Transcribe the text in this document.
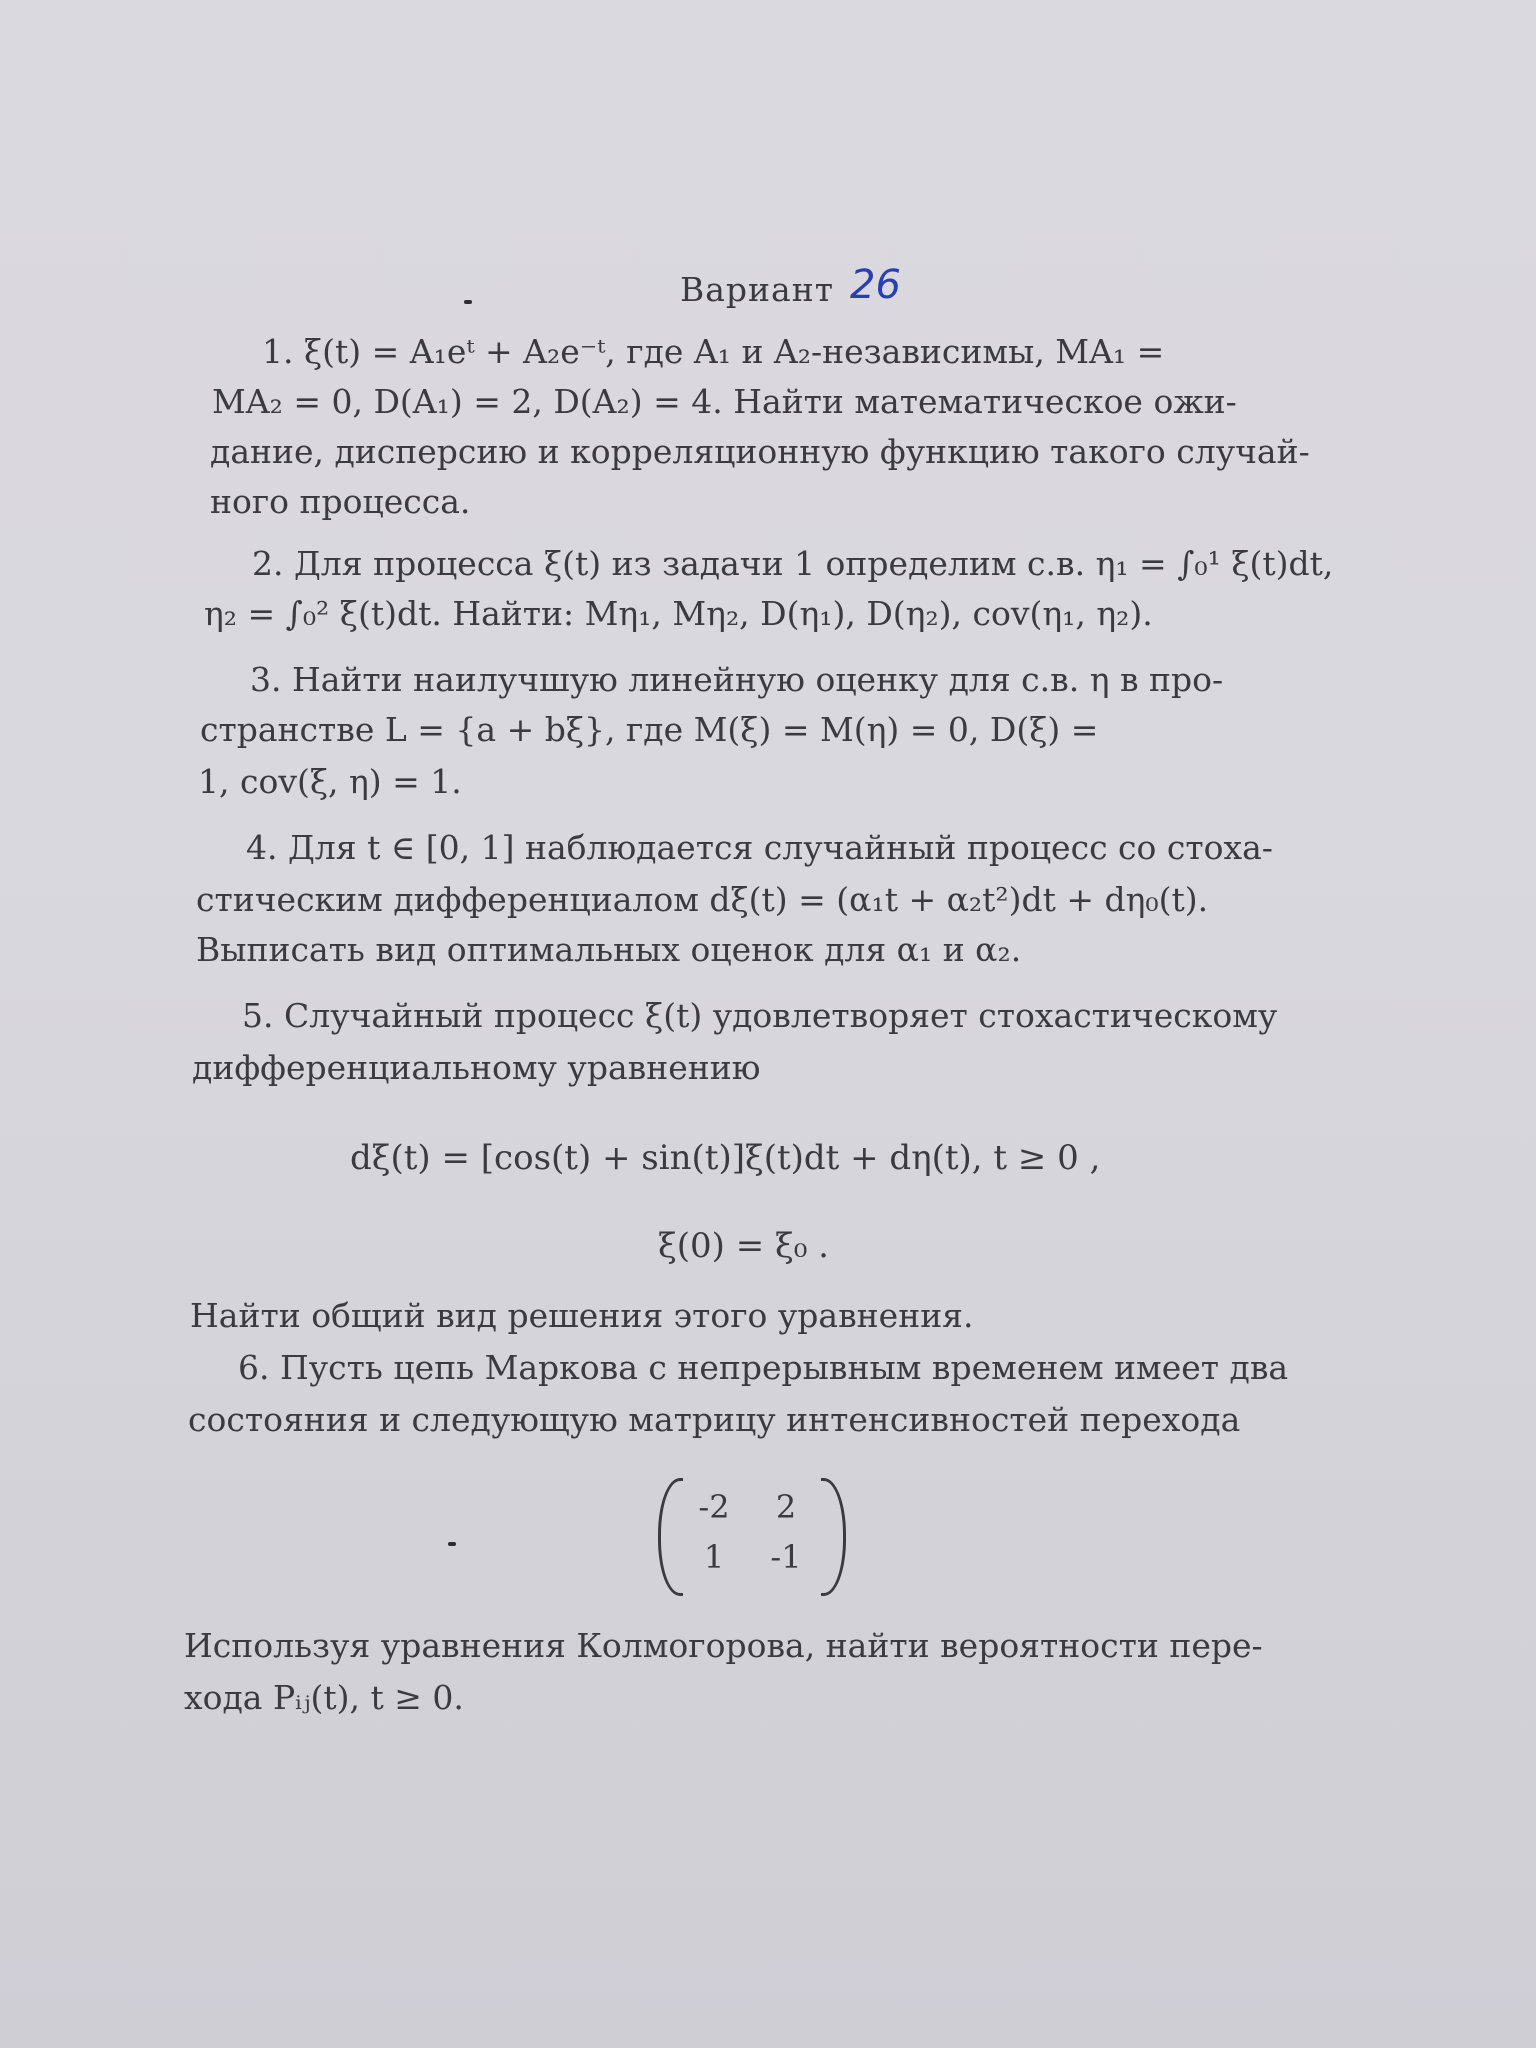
Вариант 26
1. ξ(t) = A₁eᵗ + A₂e⁻ᵗ, где A₁ и A₂-независимы, MA₁ =
MA₂ = 0, D(A₁) = 2, D(A₂) = 4. Найти математическое ожи-
дание, дисперсию и корреляционную функцию такого случай-
ного процесса.
2. Для процесса ξ(t) из задачи 1 определим с.в. η₁ = ∫₀¹ ξ(t)dt,
η₂ = ∫₀² ξ(t)dt. Найти: Mη₁, Mη₂, D(η₁), D(η₂), cov(η₁, η₂).
3. Найти наилучшую линейную оценку для с.в. η в про-
странстве L = {a + bξ}, где M(ξ) = M(η) = 0, D(ξ) =
1, cov(ξ, η) = 1.
4. Для t ∈ [0, 1] наблюдается случайный процесс со стоха-
стическим дифференциалом dξ(t) = (α₁t + α₂t²)dt + dη₀(t).
Выписать вид оптимальных оценок для α₁ и α₂.
5. Случайный процесс ξ(t) удовлетворяет стохастическому
дифференциальному уравнению
dξ(t) = [cos(t) + sin(t)]ξ(t)dt + dη(t), t ≥ 0 ,
ξ(0) = ξ₀ .
Найти общий вид решения этого уравнения.
6. Пусть цепь Маркова с непрерывным временем имеет два
состояния и следующую матрицу интенсивностей перехода
-2	2
1	-1
Используя уравнения Колмогорова, найти вероятности пере-
хода Pᵢⱼ(t), t ≥ 0.
